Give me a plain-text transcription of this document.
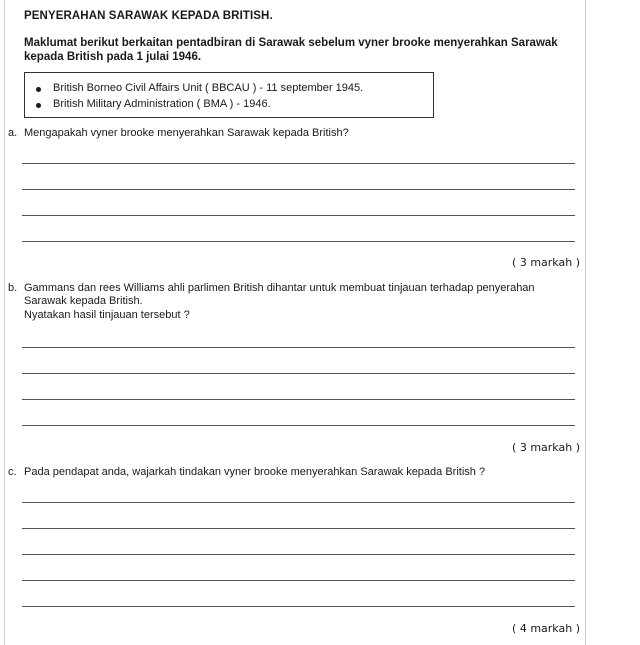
PENYERAHAN SARAWAK KEPADA BRITISH.
Maklumat berikut berkaitan pentadbiran di Sarawak sebelum vyner brooke menyerahkan Sarawak kepada British pada 1 julai 1946.
British Borneo Civil Affairs Unit ( BBCAU ) - 11 september 1945.
British Military Administration ( BMA ) - 1946.
a. Mengapakah vyner brooke menyerahkan Sarawak kepada British?
( 3 markah )
b. Gammans dan rees Williams ahli parlimen British dihantar untuk membuat tinjauan terhadap penyerahan Sarawak kepada British.
Nyatakan hasil tinjauan tersebut ?
( 3 markah )
c. Pada pendapat anda, wajarkah tindakan vyner brooke menyerahkan Sarawak kepada British ?
( 4 markah )
